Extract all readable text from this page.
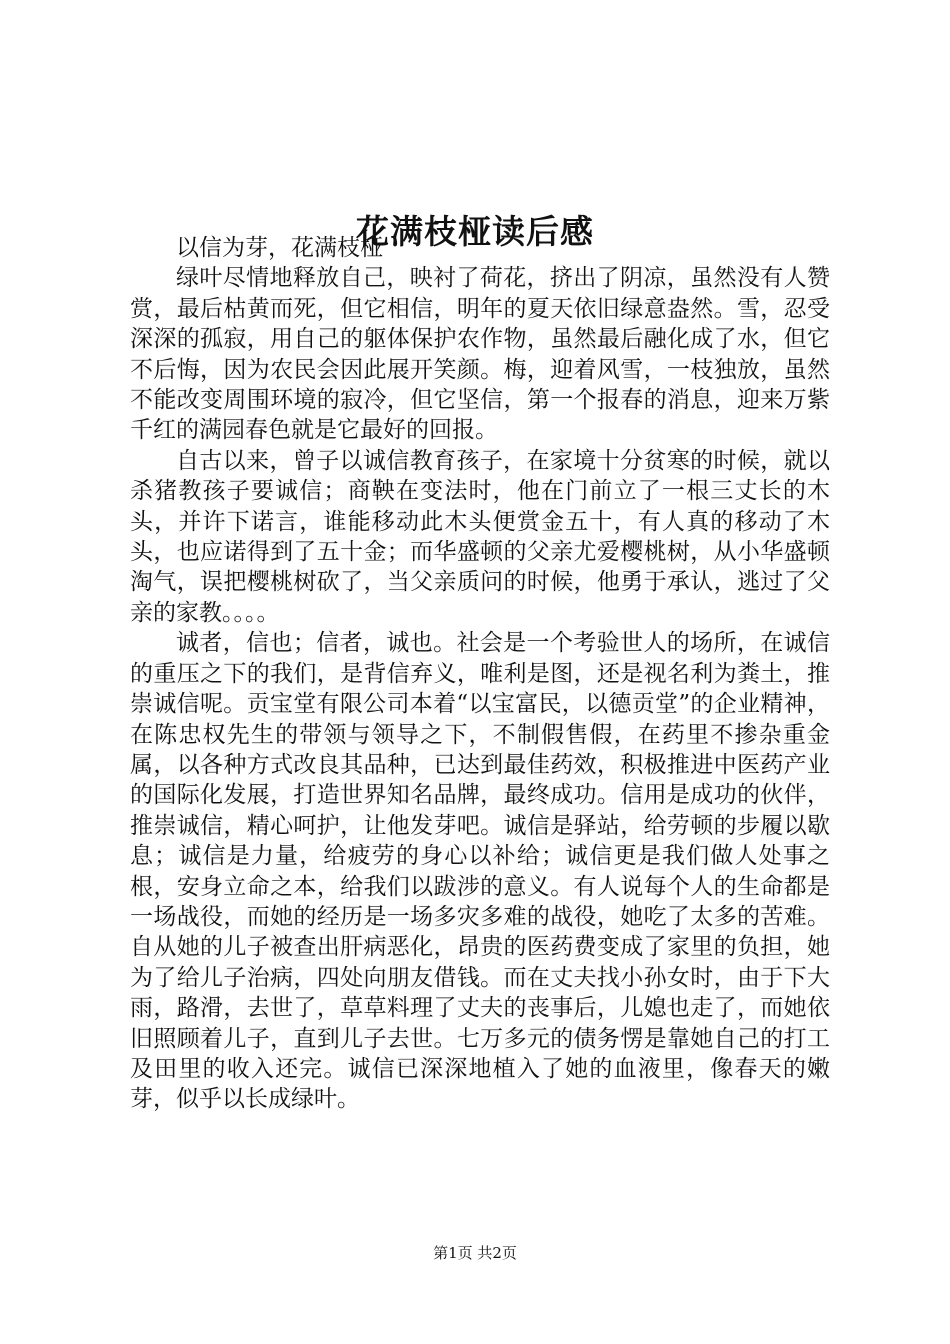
花满枝桠读后感

以信为芽，花满枝桠

绿叶尽情地释放自己，映衬了荷花，挤出了阴凉，虽然没有人赞赏，最后枯黄而死，但它相信，明年的夏天依旧绿意盎然。雪，忍受深深的孤寂，用自己的躯体保护农作物，虽然最后融化成了水，但它不后悔，因为农民会因此展开笑颜。梅，迎着风雪，一枝独放，虽然不能改变周围环境的寂冷，但它坚信，第一个报春的消息，迎来万紫千红的满园春色就是它最好的回报。

自古以来，曾子以诚信教育孩子，在家境十分贫寒的时候，就以杀猪教孩子要诚信；商鞅在变法时，他在门前立了一根三丈长的木头，并许下诺言，谁能移动此木头便赏金五十，有人真的移动了木头，也应诺得到了五十金；而华盛顿的父亲尤爱樱桃树，从小华盛顿淘气，误把樱桃树砍了，当父亲质问的时候，他勇于承认，逃过了父亲的家教。。。。

诚者，信也；信者，诚也。社会是一个考验世人的场所，在诚信的重压之下的我们，是背信弃义，唯利是图，还是视名利为粪土，推崇诚信呢。贡宝堂有限公司本着“以宝富民，以德贡堂”的企业精神，在陈忠权先生的带领与领导之下，不制假售假，在药里不掺杂重金属，以各种方式改良其品种，已达到最佳药效，积极推进中医药产业的国际化发展，打造世界知名品牌，最终成功。信用是成功的伙伴，推崇诚信，精心呵护，让他发芽吧。诚信是驿站，给劳顿的步履以歇息；诚信是力量，给疲劳的身心以补给；诚信更是我们做人处事之根，安身立命之本，给我们以跋涉的意义。有人说每个人的生命都是一场战役，而她的经历是一场多灾多难的战役，她吃了太多的苦难。自从她的儿子被查出肝病恶化，昂贵的医药费变成了家里的负担，她为了给儿子治病，四处向朋友借钱。而在丈夫找小孙女时，由于下大雨，路滑，去世了，草草料理了丈夫的丧事后，儿媳也走了，而她依旧照顾着儿子，直到儿子去世。七万多元的债务愣是靠她自己的打工及田里的收入还完。诚信已深深地植入了她的血液里，像春天的嫩芽，似乎以长成绿叶。

第1页 共2页
